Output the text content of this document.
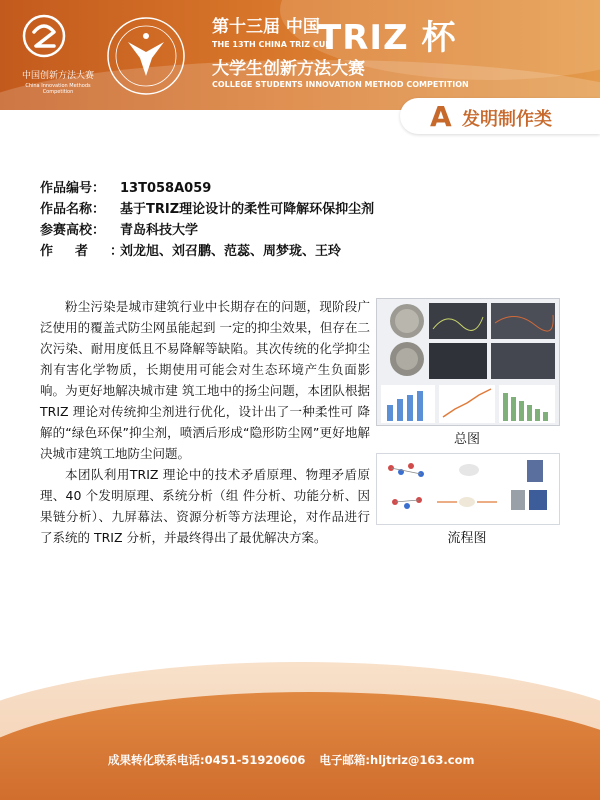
中国创新方法大赛
China Innovation Methods Competition
第十三届 中国
TRIZ 杯
THE 13TH CHINA TRIZ CUP
大学生创新方法大赛
COLLEGE STUDENTS INNOVATION METHOD COMPETITION
A 发明制作类
作品编号： 13T058A059
作品名称： 基于TRIZ理论设计的柔性可降解环保抑尘剂
参赛高校： 青岛科技大学
作者：刘龙旭、刘召鹏、范蕊、周梦珑、王玲

粉尘污染是城市建筑行业中长期存在的问题，现阶段广泛使用的覆盖式防尘网虽能起到 一定的抑尘效果，但存在二次污染、耐用度低且不易降解等缺陷。其次传统的化学抑尘剂有害化学物质，长期使用可能会对生态环境产生负面影响。为更好地解决城市建 筑工地中的扬尘问题，本团队根据 TRIZ 理论对传统抑尘剂进行优化，设计出了一种柔性可 降解的“绿色环保”抑尘剂，喷洒后形成“隐形防尘网”更好地解决城市建筑工地防尘问题。

本团队利用TRIZ 理论中的技术矛盾原理、物理矛盾原理、40 个发明原理、系统分析（组 件分析、功能分析、因果链分析）、九屏幕法、资源分析等方法理论，对作品进行了系统的 TRIZ 分析，并最终得出了最优解决方案。

总图
流程图
成果转化联系电话:0451-51920606 电子邮箱:hljtriz@163.com
